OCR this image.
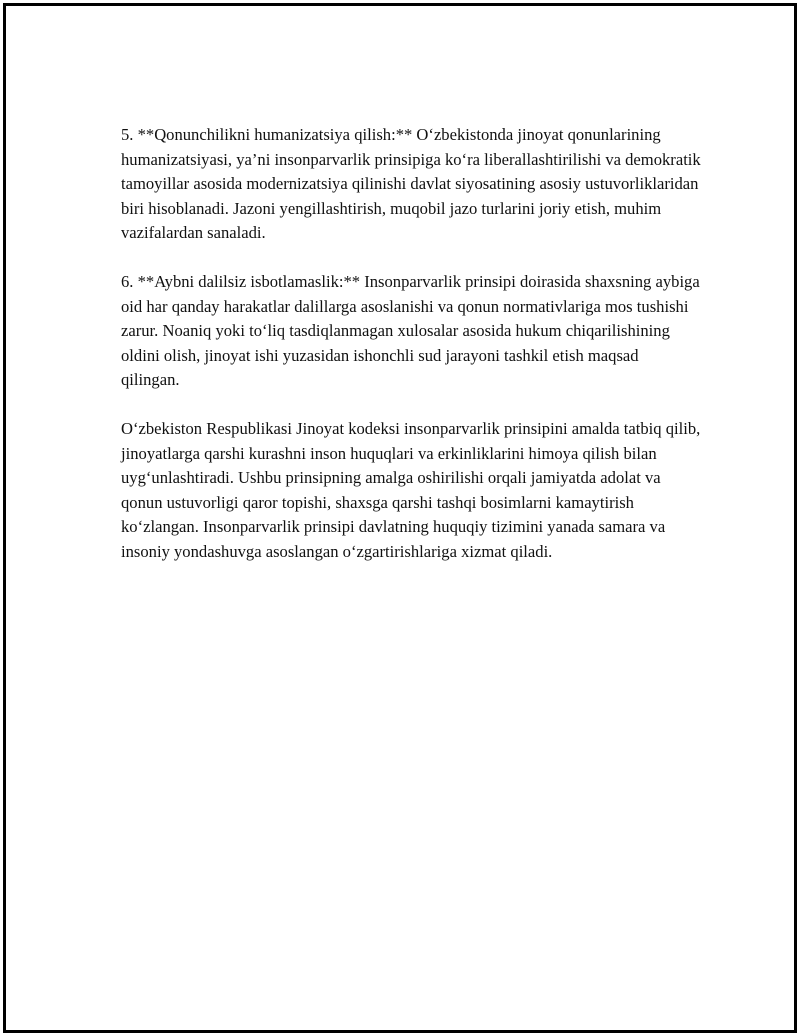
5. **Qonunchilikni humanizatsiya qilish:** O‘zbekistonda jinoyat qonunlarining humanizatsiyasi, ya’ni insonparvarlik prinsipiga ko‘ra liberallashtirilishi va demokratik tamoyillar asosida modernizatsiya qilinishi davlat siyosatining asosiy ustuvorliklaridan biri hisoblanadi. Jazoni yengillashtirish, muqobil jazo turlarini joriy etish, muhim vazifalardan sanaladi.

6. **Aybni dalilsiz isbotlamaslik:** Insonparvarlik prinsipi doirasida shaxsning aybiga oid har qanday harakatlar dalillarga asoslanishi va qonun normativlariga mos tushishi zarur. Noaniq yoki to‘liq tasdiqlanmagan xulosalar asosida hukum chiqarilishining oldini olish, jinoyat ishi yuzasidan ishonchli sud jarayoni tashkil etish maqsad qilingan.

O‘zbekiston Respublikasi Jinoyat kodeksi insonparvarlik prinsipini amalda tatbiq qilib, jinoyatlarga qarshi kurashni inson huquqlari va erkinliklarini himoya qilish bilan uyg‘unlashtiradi. Ushbu prinsipning amalga oshirilishi orqali jamiyatda adolat va qonun ustuvorligi qaror topishi, shaxsga qarshi tashqi bosimlarni kamaytirish ko‘zlangan. Insonparvarlik prinsipi davlatning huquqiy tizimini yanada samara va insoniy yondashuvga asoslangan o‘zgartirishlariga xizmat qiladi.
